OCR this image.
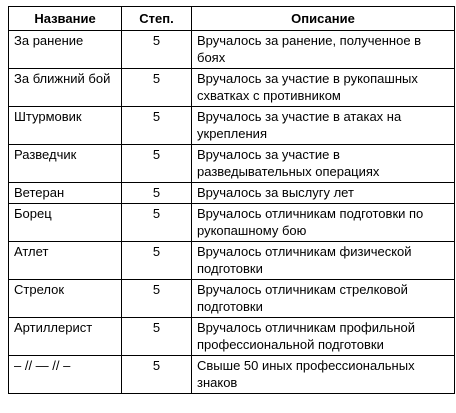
Название	Степ.	Описание
За ранение	5	Вручалось за ранение, полученное в боях
За ближний бой	5	Вручалось за участие в рукопашных схватках с противником
Штурмовик	5	Вручалось за участие в атаках на укрепления
Разведчик	5	Вручалось за участие в разведывательных операциях
Ветеран	5	Вручалось за выслугу лет
Борец	5	Вручалось отличникам подготовки по рукопашному бою
Атлет	5	Вручалось отличникам физической подготовки
Стрелок	5	Вручалось отличникам стрелковой подготовки
Артиллерист	5	Вручалось отличникам профильной профессиональной подготовки
– // — // –	5	Свыше 50 иных профессиональных знаков
